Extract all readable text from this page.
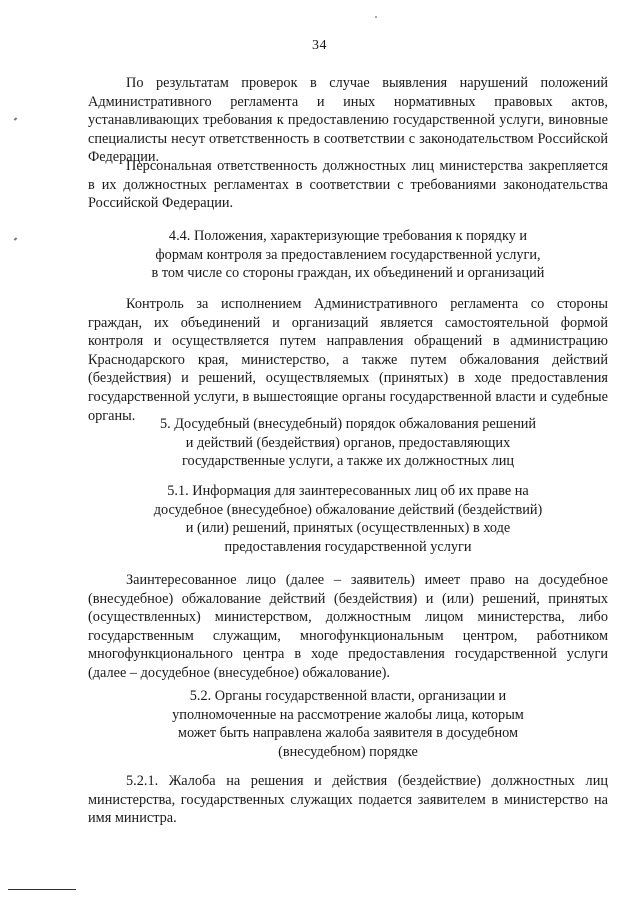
34

По результатам проверок в случае выявления нарушений положений Административного регламента и иных нормативных правовых актов, устанавливающих требования к предоставлению государственной услуги, виновные специалисты несут ответственность в соответствии с законодательством Российской Федерации.

Персональная ответственность должностных лиц министерства закрепляется в их должностных регламентах в соответствии с требованиями законодательства Российской Федерации.

4.4. Положения, характеризующие требования к порядку и
формам контроля за предоставлением государственной услуги,
в том числе со стороны граждан, их объединений и организаций

Контроль за исполнением Административного регламента со стороны граждан, их объединений и организаций является самостоятельной формой контроля и осуществляется путем направления обращений в администрацию Краснодарского края, министерство, а также путем обжалования действий (бездействия) и решений, осуществляемых (принятых) в ходе предоставления государственной услуги, в вышестоящие органы государственной власти и судебные органы.

5. Досудебный (внесудебный) порядок обжалования решений
и действий (бездействия) органов, предоставляющих
государственные услуги, а также их должностных лиц
5.1. Информация для заинтересованных лиц об их праве на
досудебное (внесудебное) обжалование действий (бездействий)
и (или) решений, принятых (осуществленных) в ходе
предоставления государственной услуги

Заинтересованное лицо (далее – заявитель) имеет право на досудебное (внесудебное) обжалование действий (бездействия) и (или) решений, принятых (осуществленных) министерством, должностным лицом министерства, либо государственным служащим, многофункциональным центром, работником многофункционального центра в ходе предоставления государственной услуги (далее – досудебное (внесудебное) обжалование).

5.2. Органы государственной власти, организации и
уполномоченные на рассмотрение жалобы лица, которым
может быть направлена жалоба заявителя в досудебном
(внесудебном) порядке

5.2.1. Жалоба на решения и действия (бездействие) должностных лиц министерства, государственных служащих подается заявителем в министерство на имя министра.
